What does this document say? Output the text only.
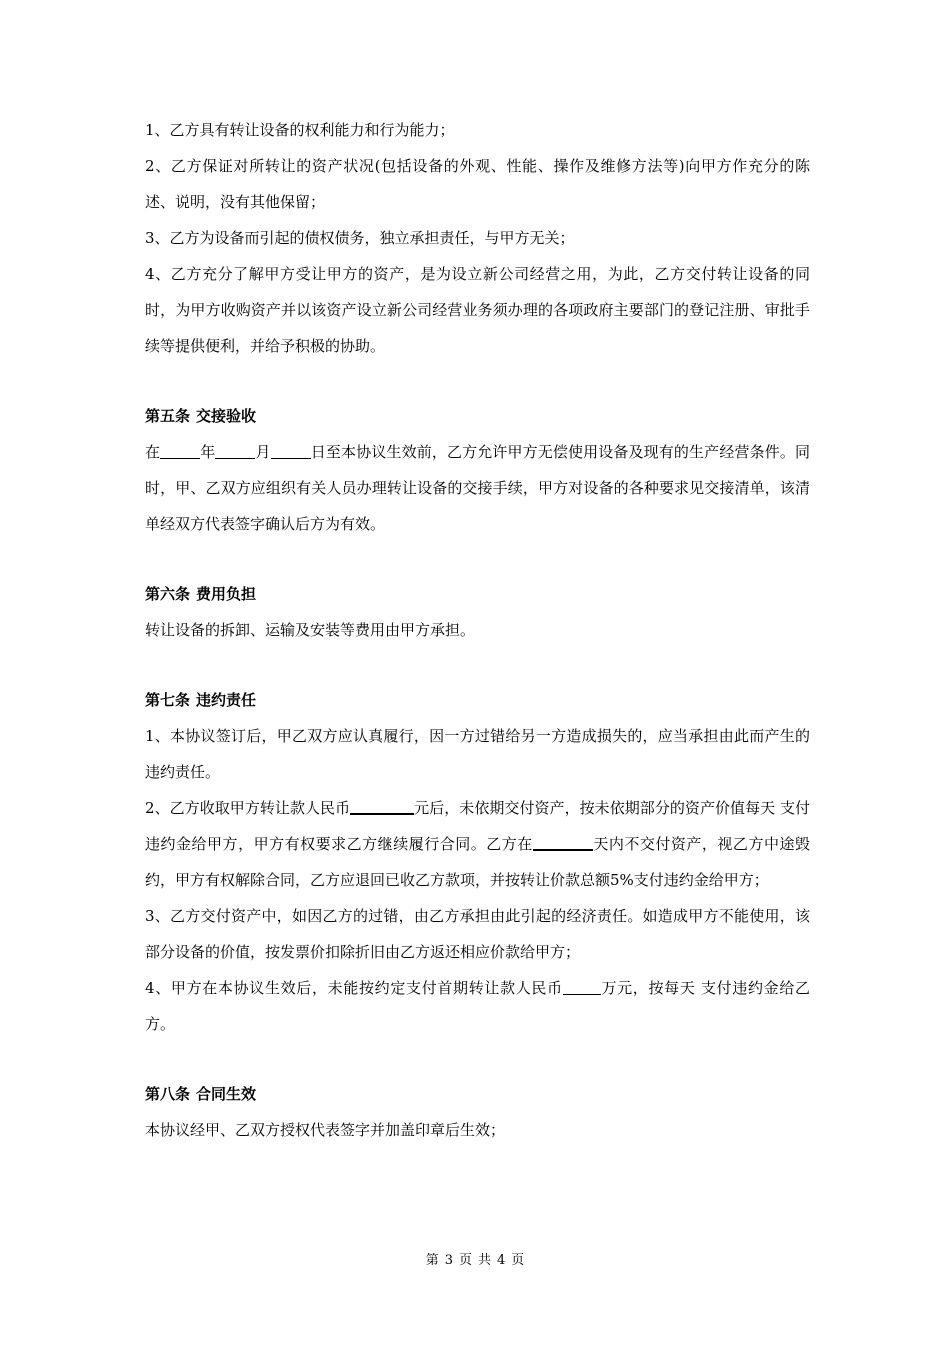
1、乙方具有转让设备的权利能力和行为能力；

2、乙方保证对所转让的资产状况(包括设备的外观、性能、操作及维修方法等)向甲方作充分的陈述、说明，没有其他保留；

3、乙方为设备而引起的债权债务，独立承担责任，与甲方无关；

4、乙方充分了解甲方受让甲方的资产，是为设立新公司经营之用，为此，乙方交付转让设备的同时，为甲方收购资产并以该资产设立新公司经营业务须办理的各项政府主要部门的登记注册、审批手续等提供便利，并给予积极的协助。

第五条 交接验收

在	年	月	日至本协议生效前，乙方允许甲方无偿使用设备及现有的生产经营条件。同时，甲、乙双方应组织有关人员办理转让设备的交接手续，甲方对设备的各种要求见交接清单，该清单经双方代表签字确认后方为有效。

第六条 费用负担

转让设备的拆卸、运输及安装等费用由甲方承担。

第七条 违约责任

1、本协议签订后，甲乙双方应认真履行，因一方过错给另一方造成损失的，应当承担由此而产生的违约责任。

2、乙方收取甲方转让款人民币	元后，未依期交付资产，按未依期部分的资产价值每天 支付违约金给甲方，甲方有权要求乙方继续履行合同。乙方在	天内不交付资产，视乙方中途毁约，甲方有权解除合同，乙方应退回已收乙方款项，并按转让价款总额5%支付违约金给甲方；

3、乙方交付资产中，如因乙方的过错，由乙方承担由此引起的经济责任。如造成甲方不能使用，该部分设备的价值，按发票价扣除折旧由乙方返还相应价款给甲方；

4、甲方在本协议生效后，未能按约定支付首期转让款人民币	万元，按每天 支付违约金给乙方。

第八条 合同生效

本协议经甲、乙双方授权代表签字并加盖印章后生效；

第 3 页 共 4 页
